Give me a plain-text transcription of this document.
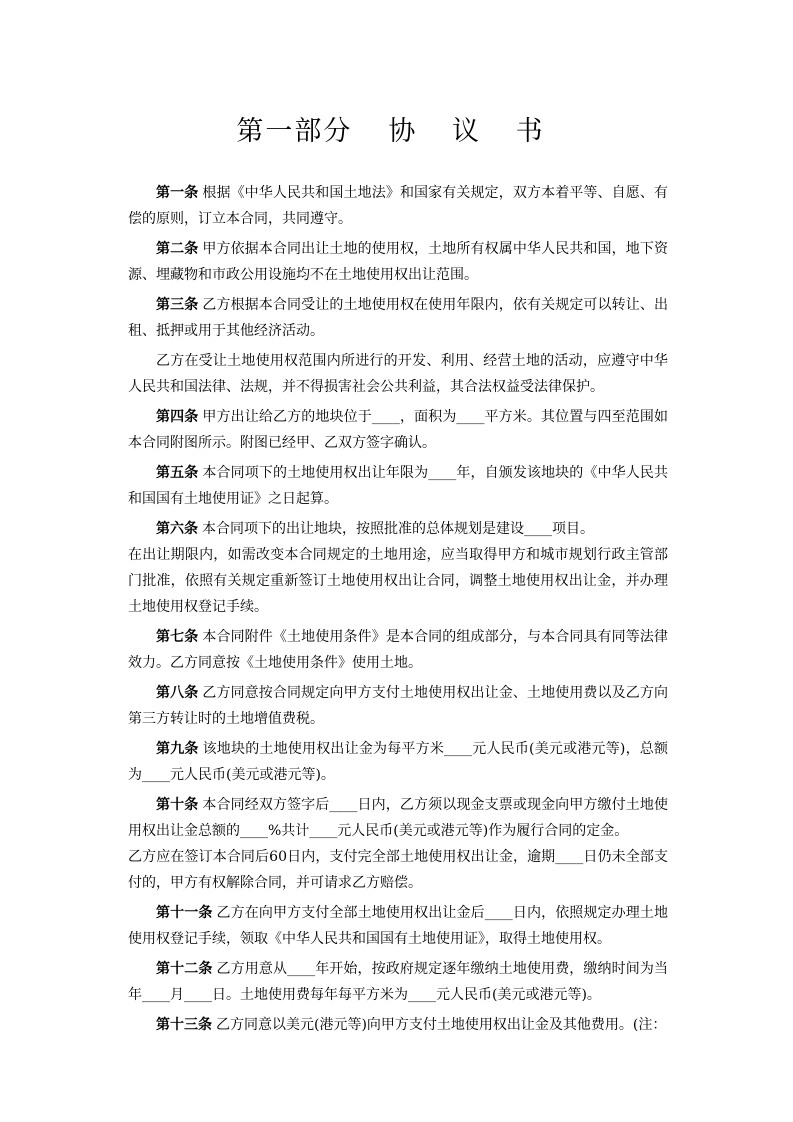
第一部分 协 议 书

第一条 根据《中华人民共和国土地法》和国家有关规定，双方本着平等、自愿、有偿的原则，订立本合同，共同遵守。

第二条 甲方依据本合同出让土地的使用权，土地所有权属中华人民共和国，地下资源、埋藏物和市政公用设施均不在土地使用权出让范围。

第三条 乙方根据本合同受让的土地使用权在使用年限内，依有关规定可以转让、出租、抵押或用于其他经济活动。

乙方在受让土地使用权范围内所进行的开发、利用、经营土地的活动，应遵守中华人民共和国法律、法规，并不得损害社会公共利益，其合法权益受法律保护。

第四条 甲方出让给乙方的地块位于____，面积为____平方米。其位置与四至范围如本合同附图所示。附图已经甲、乙双方签字确认。

第五条 本合同项下的土地使用权出让年限为____年，自颁发该地块的《中华人民共和国国有土地使用证》之日起算。

第六条 本合同项下的出让地块，按照批准的总体规划是建设____项目。

在出让期限内，如需改变本合同规定的土地用途，应当取得甲方和城市规划行政主管部门批准，依照有关规定重新签订土地使用权出让合同，调整土地使用权出让金，并办理土地使用权登记手续。

第七条 本合同附件《土地使用条件》是本合同的组成部分，与本合同具有同等法律效力。乙方同意按《土地使用条件》使用土地。

第八条 乙方同意按合同规定向甲方支付土地使用权出让金、土地使用费以及乙方向第三方转让时的土地增值费税。

第九条 该地块的土地使用权出让金为每平方米____元人民币(美元或港元等)，总额为____元人民币(美元或港元等)。

第十条 本合同经双方签字后____日内，乙方须以现金支票或现金向甲方缴付土地使用权出让金总额的____%共计____元人民币(美元或港元等)作为履行合同的定金。

乙方应在签订本合同后60日内，支付完全部土地使用权出让金，逾期____日仍未全部支付的，甲方有权解除合同，并可请求乙方赔偿。

第十一条 乙方在向甲方支付全部土地使用权出让金后____日内，依照规定办理土地使用权登记手续，领取《中华人民共和国国有土地使用证》，取得土地使用权。

第十二条 乙方用意从____年开始，按政府规定逐年缴纳土地使用费，缴纳时间为当年____月____日。土地使用费每年每平方米为____元人民币(美元或港元等)。

第十三条 乙方同意以美元(港元等)向甲方支付土地使用权出让金及其他费用。(注：
